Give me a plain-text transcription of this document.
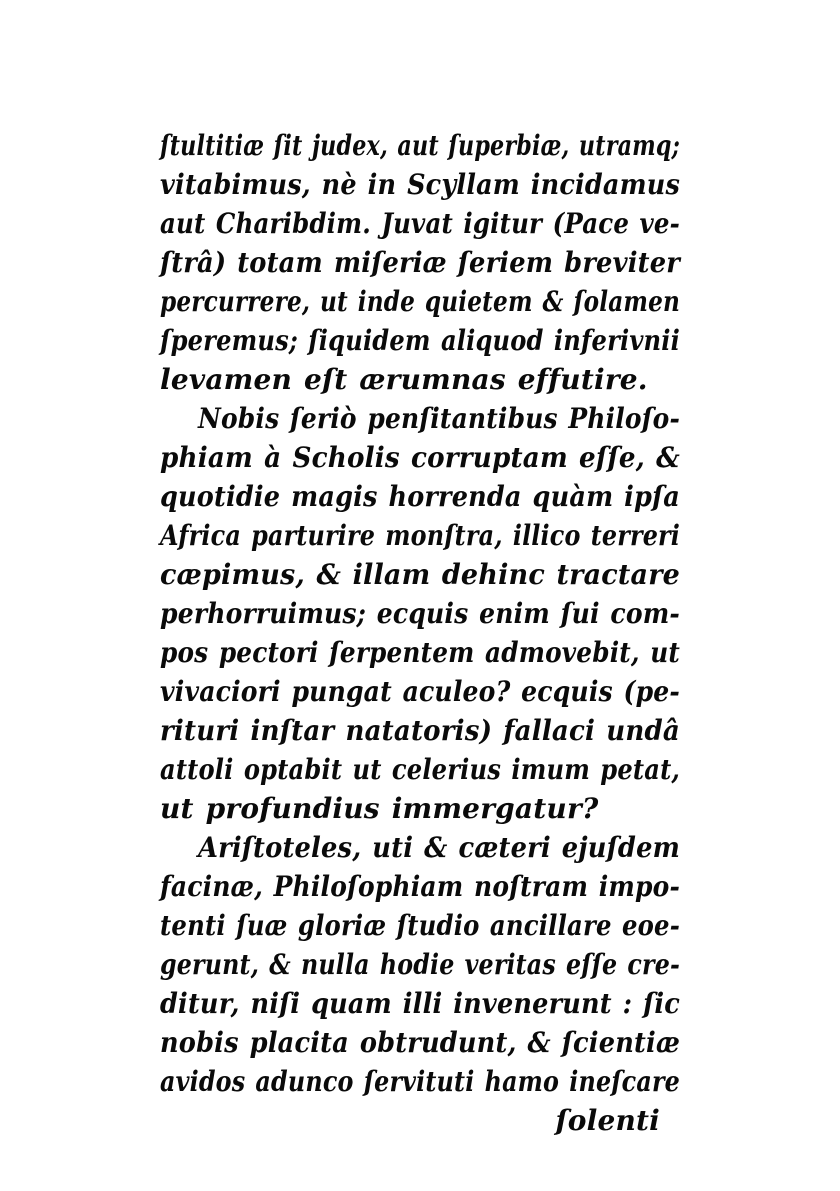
ſtultitiæ ſit judex, aut ſuperbiæ, utramq;
vitabimus, nè in Scyllam incidamus
aut Charibdim. Juvat igitur (Pace ve-
ſtrâ) totam miſeriæ ſeriem breviter
percurrere, ut inde quietem & ſolamen
ſperemus; ſiquidem aliquod inferivnii
levamen eſt ærumnas effutire.
Nobis ſeriò penſitantibus Philoſo-
phiam à Scholis corruptam eſſe, &
quotidie magis horrenda quàm ipſa
Africa parturire monſtra, illico terreri
cæpimus, & illam dehinc tractare
perhorruimus; ecquis enim ſui com-
pos pectori ſerpentem admovebit, ut
vivaciori pungat aculeo? ecquis (pe-
rituri inſtar natatoris) fallaci undâ
attoli optabit ut celerius imum petat,
ut profundius immergatur?
Ariſtoteles, uti & cæteri ejuſdem
facinæ, Philoſophiam noſtram impo-
tenti ſuæ gloriæ ſtudio ancillare eoe-
gerunt, & nulla hodie veritas eſſe cre-
ditur, niſi quam illi invenerunt : ſic
nobis placita obtrudunt, & ſcientiæ
avidos adunco ſervituti hamo ineſcare
ſolenti
